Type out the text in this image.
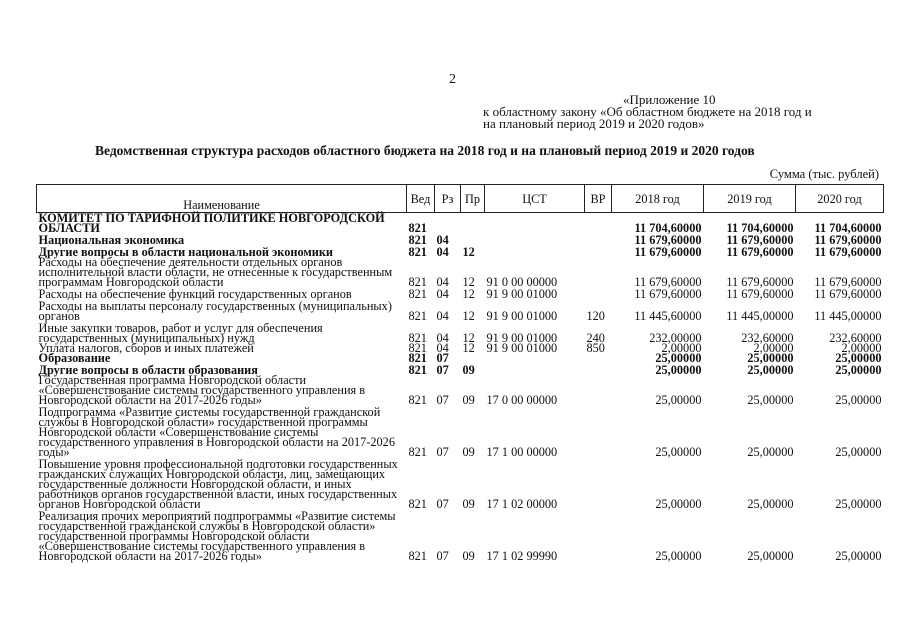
2
«Приложение 10
к областному закону «Об областном бюджете на 2018 год и
на плановый период 2019 и 2020 годов»
Ведомственная структура расходов областного бюджета на 2018 год и на плановый период 2019 и 2020 годов
Сумма (тыс. рублей)
Наименование	Вед	Рз	Пр	ЦСТ	ВР	2018 год	2019 год	2020 год
КОМИТЕТ ПО ТАРИФНОЙ ПОЛИТИКЕ НОВГОРОДСКОЙ ОБЛАСТИ	821					11 704,60000	11 704,60000	11 704,60000
Национальная экономика	821	04				11 679,60000	11 679,60000	11 679,60000
Другие вопросы в области национальной экономики	821	04	12			11 679,60000	11 679,60000	11 679,60000
Расходы на обеспечение деятельности отдельных органов исполнительной власти области, не отнесенные к государственным программам Новгородской области	821	04	12	91 0 00 00000		11 679,60000	11 679,60000	11 679,60000
Расходы на обеспечение функций государственных органов	821	04	12	91 9 00 01000		11 679,60000	11 679,60000	11 679,60000
Расходы на выплаты персоналу государственных (муниципальных) органов	821	04	12	91 9 00 01000	120	11 445,60000	11 445,00000	11 445,00000
Иные закупки товаров, работ и услуг для обеспечения государственных (муниципальных) нужд	821	04	12	91 9 00 01000	240	232,00000	232,60000	232,60000
Уплата налогов, сборов и иных платежей	821	04	12	91 9 00 01000	850	2,00000	2,00000	2,00000
Образование	821	07				25,00000	25,00000	25,00000
Другие вопросы в области образования	821	07	09			25,00000	25,00000	25,00000
Государственная программа Новгородской области «Совершенствование системы государственного управления в Новгородской области на 2017-2026 годы»	821	07	09	17 0 00 00000		25,00000	25,00000	25,00000
Подпрограмма «Развитие системы государственной гражданской службы в Новгородской области» государственной программы Новгородской области «Совершенствование системы государственного управления в Новгородской области на 2017-2026 годы»	821	07	09	17 1 00 00000		25,00000	25,00000	25,00000
Повышение уровня профессиональной подготовки государственных гражданских служащих Новгородской области, лиц, замещающих государственные должности Новгородской области, и иных работников органов государственной власти, иных государственных органов Новгородской области	821	07	09	17 1 02 00000		25,00000	25,00000	25,00000
Реализация прочих мероприятий подпрограммы «Развитие системы государственной гражданской службы в Новгородской области» государственной программы Новгородской области «Совершенствование системы государственного управления в Новгородской области на 2017-2026 годы»	821	07	09	17 1 02 99990		25,00000	25,00000	25,00000
